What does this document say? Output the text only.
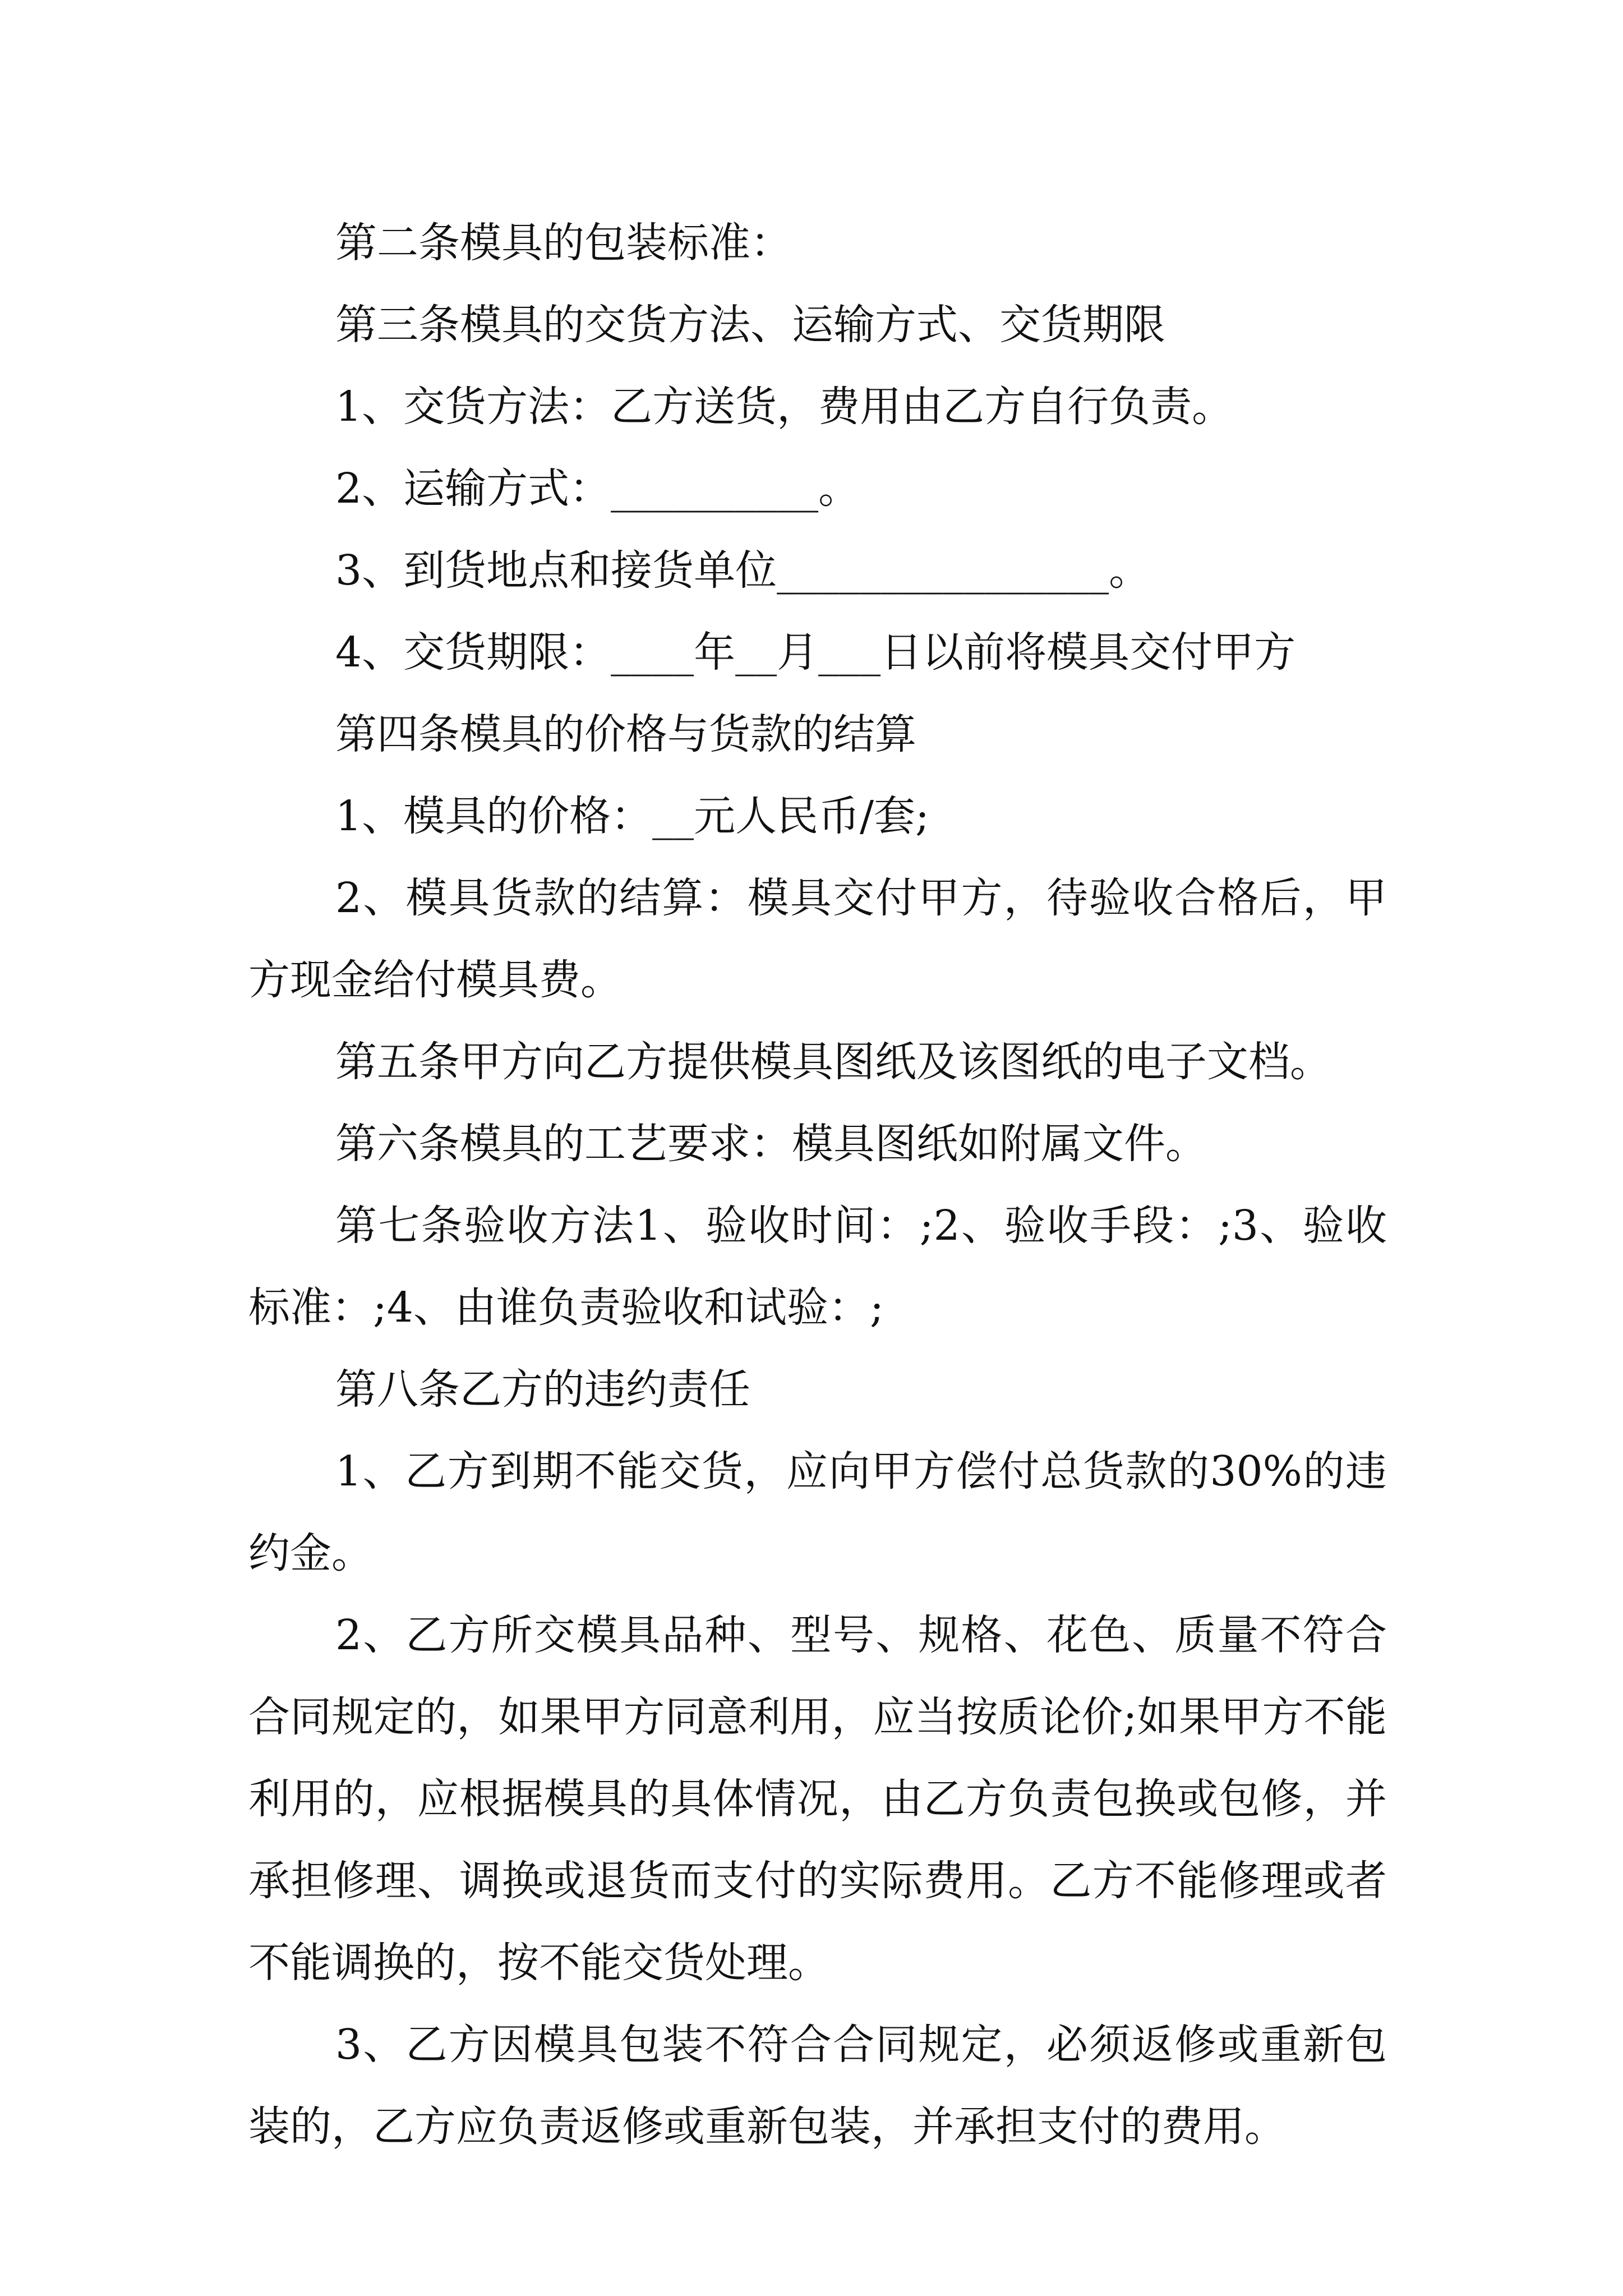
第二条模具的包装标准：

第三条模具的交货方法、运输方式、交货期限

1、交货方法：乙方送货，费用由乙方自行负责。

2、运输方式：__________。

3、到货地点和接货单位________________。

4、交货期限：____年__月___日以前将模具交付甲方

第四条模具的价格与货款的结算

1、模具的价格：__元人民币/套;

2、模具货款的结算：模具交付甲方，待验收合格后，甲方现金给付模具费。

第五条甲方向乙方提供模具图纸及该图纸的电子文档。

第六条模具的工艺要求：模具图纸如附属文件。

第七条验收方法1、验收时间：;2、验收手段：;3、验收标准：;4、由谁负责验收和试验：;

第八条乙方的违约责任

1、乙方到期不能交货，应向甲方偿付总货款的30%的违约金。

2、乙方所交模具品种、型号、规格、花色、质量不符合合同规定的，如果甲方同意利用，应当按质论价;如果甲方不能利用的，应根据模具的具体情况，由乙方负责包换或包修，并承担修理、调换或退货而支付的实际费用。乙方不能修理或者不能调换的，按不能交货处理。

3、乙方因模具包装不符合合同规定，必须返修或重新包装的，乙方应负责返修或重新包装，并承担支付的费用。
